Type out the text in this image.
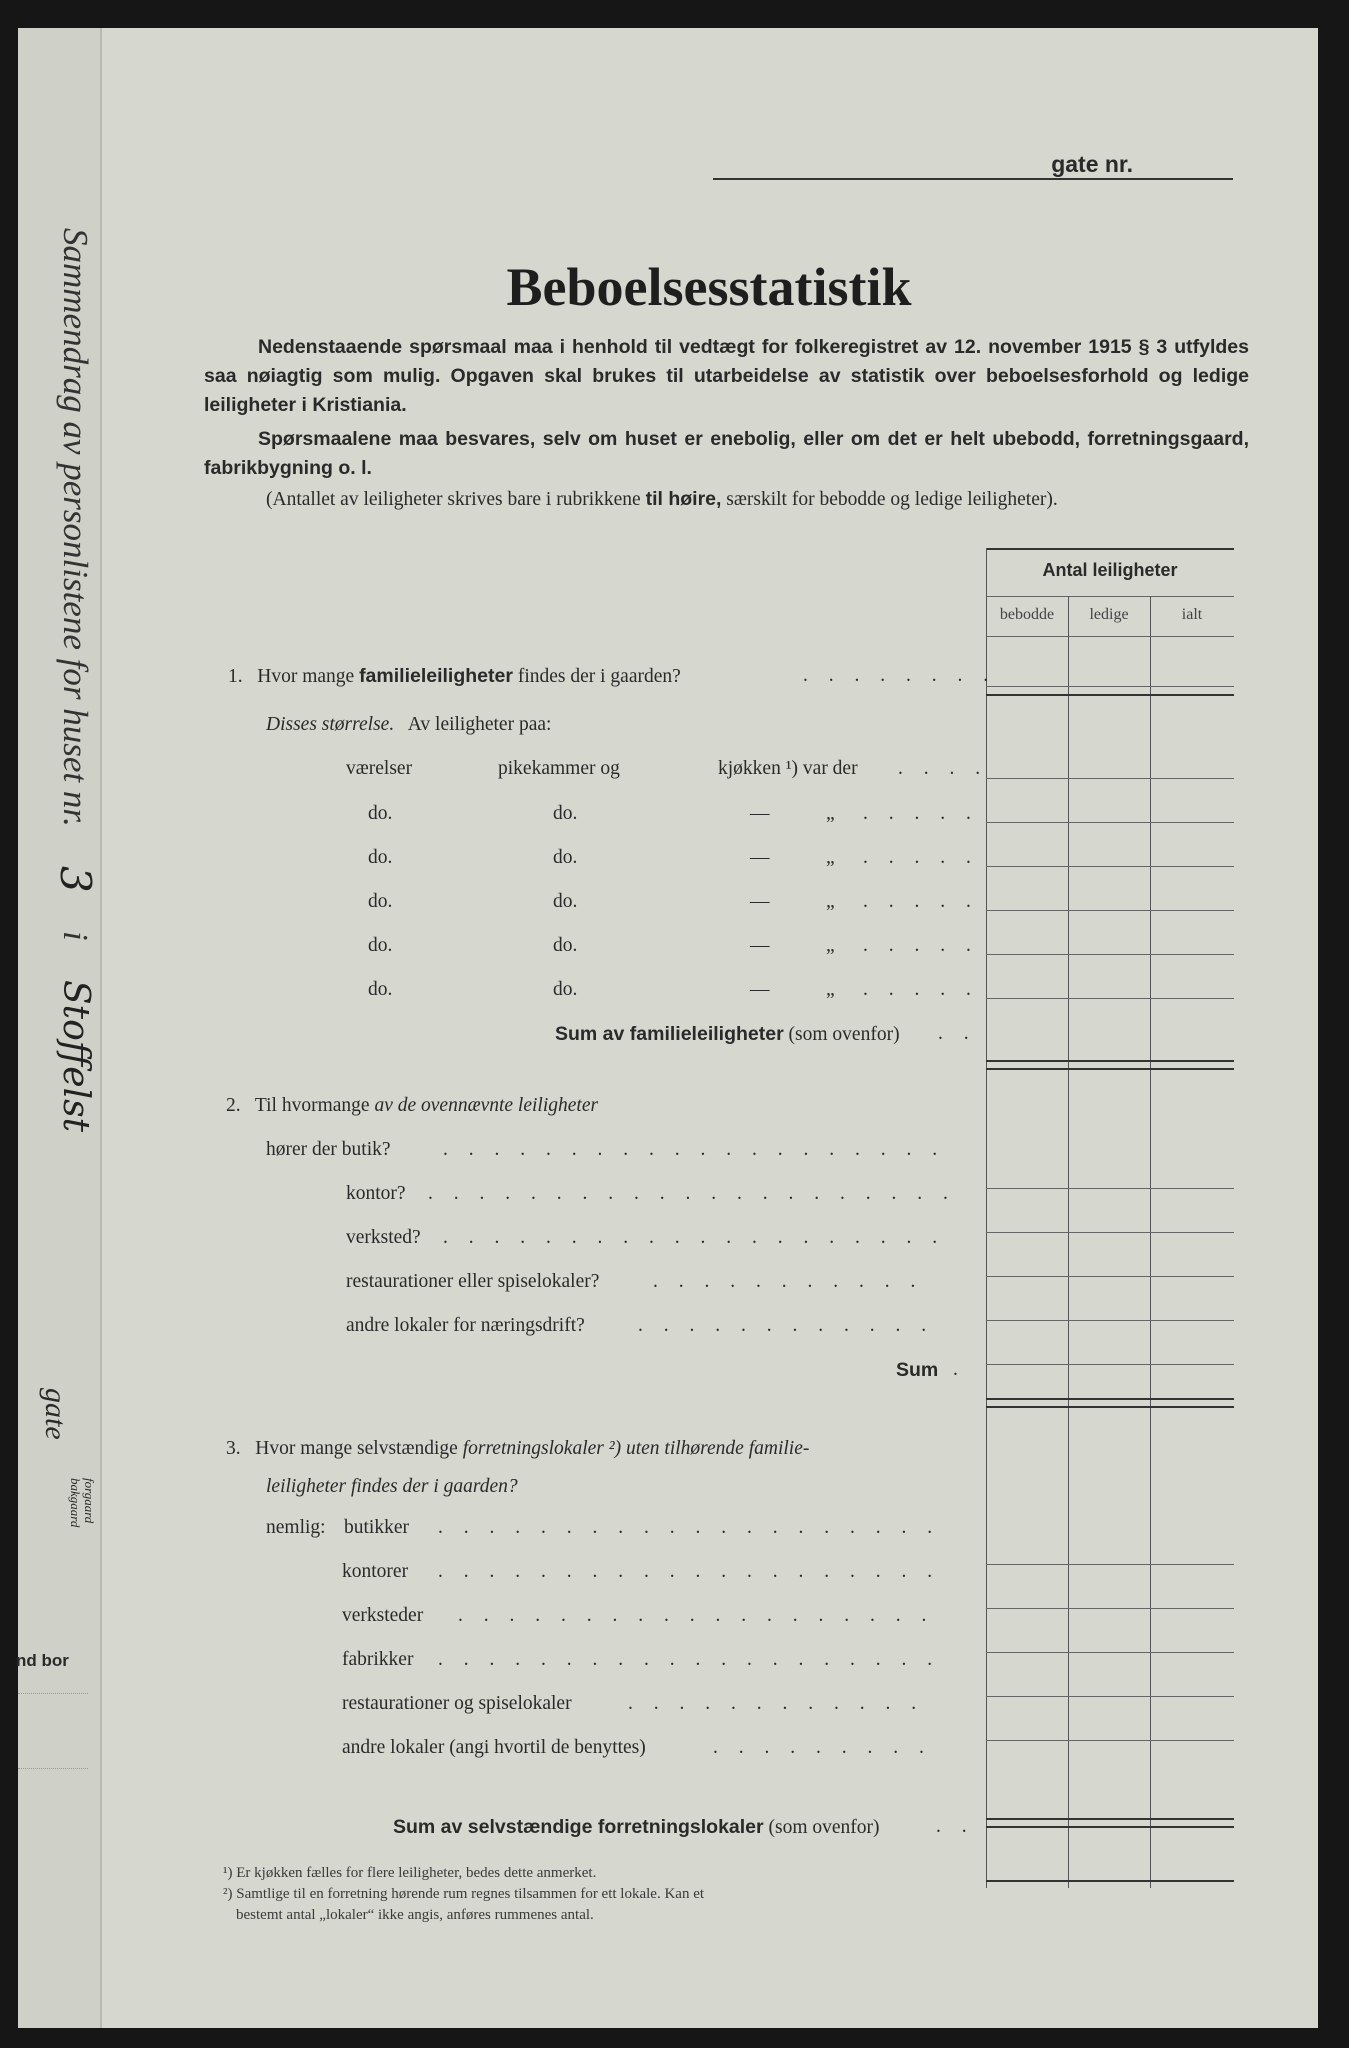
Sammendrag av personlistene for huset nr. 3 i Stoffelst
gate
forgaard
bakgaard
nd bor
gate nr.
Beboelsesstatistik

Nedenstaaende spørsmaal maa i henhold til vedtægt for folkeregistret av 12. november 1915 § 3 utfyldes saa nøiagtig som mulig. Opgaven skal brukes til utarbeidelse av statistik over beboelsesforhold og ledige leiligheter i Kristiania.

Spørsmaalene maa besvares, selv om huset er enebolig, eller om det er helt ubebodd, forretningsgaard, fabrikbygning o. l.

(Antallet av leiligheter skrives bare i rubrikkene til høire, særskilt for bebodde og ledige leiligheter).
Antal leiligheter
bebodde	ledige	ialt
1. Hvor mange familieleiligheter findes der i gaarden?	. . . . . . . .
Disses størrelse. Av leiligheter paa:
værelser	pikekammer og	kjøkken ¹) var der . . . .
do.	do.	—	„ . . . . .
do.	do.	—	„ . . . . .
do.	do.	—	„ . . . . .
do.	do.	—	„ . . . . .
do.	do.	—	„ . . . . .
Sum av familieleiligheter (som ovenfor) . .
2. Til hvormange av de ovennævnte leiligheter
hører der butik?	. . . . . . . . . . . . . . . . . . . .
kontor? . . . . . . . . . . . . . . . . . . . . .
verksted? . . . . . . . . . . . . . . . . . . . .
restaurationer eller spiselokaler?	. . . . . . . . . . .
andre lokaler for næringsdrift?	. . . . . . . . . . . .
Sum .
3. Hvor mange selvstændige forretningslokaler ²) uten tilhørende familie-
leiligheter findes der i gaarden?
nemlig: butikker . . . . . . . . . . . . . . . . . . . .
kontorer . . . . . . . . . . . . . . . . . . . .
verksteder . . . . . . . . . . . . . . . . . . .
fabrikker . . . . . . . . . . . . . . . . . . . .
restaurationer og spiselokaler	. . . . . . . . . . . .
andre lokaler (angi hvortil de benyttes)	. . . . . . . . .
Sum av selvstændige forretningslokaler (som ovenfor)	. .
¹) Er kjøkken fælles for flere leiligheter, bedes dette anmerket.
²) Samtlige til en forretning hørende rum regnes tilsammen for ett lokale. Kan et
bestemt antal „lokaler“ ikke angis, anføres rummenes antal.
